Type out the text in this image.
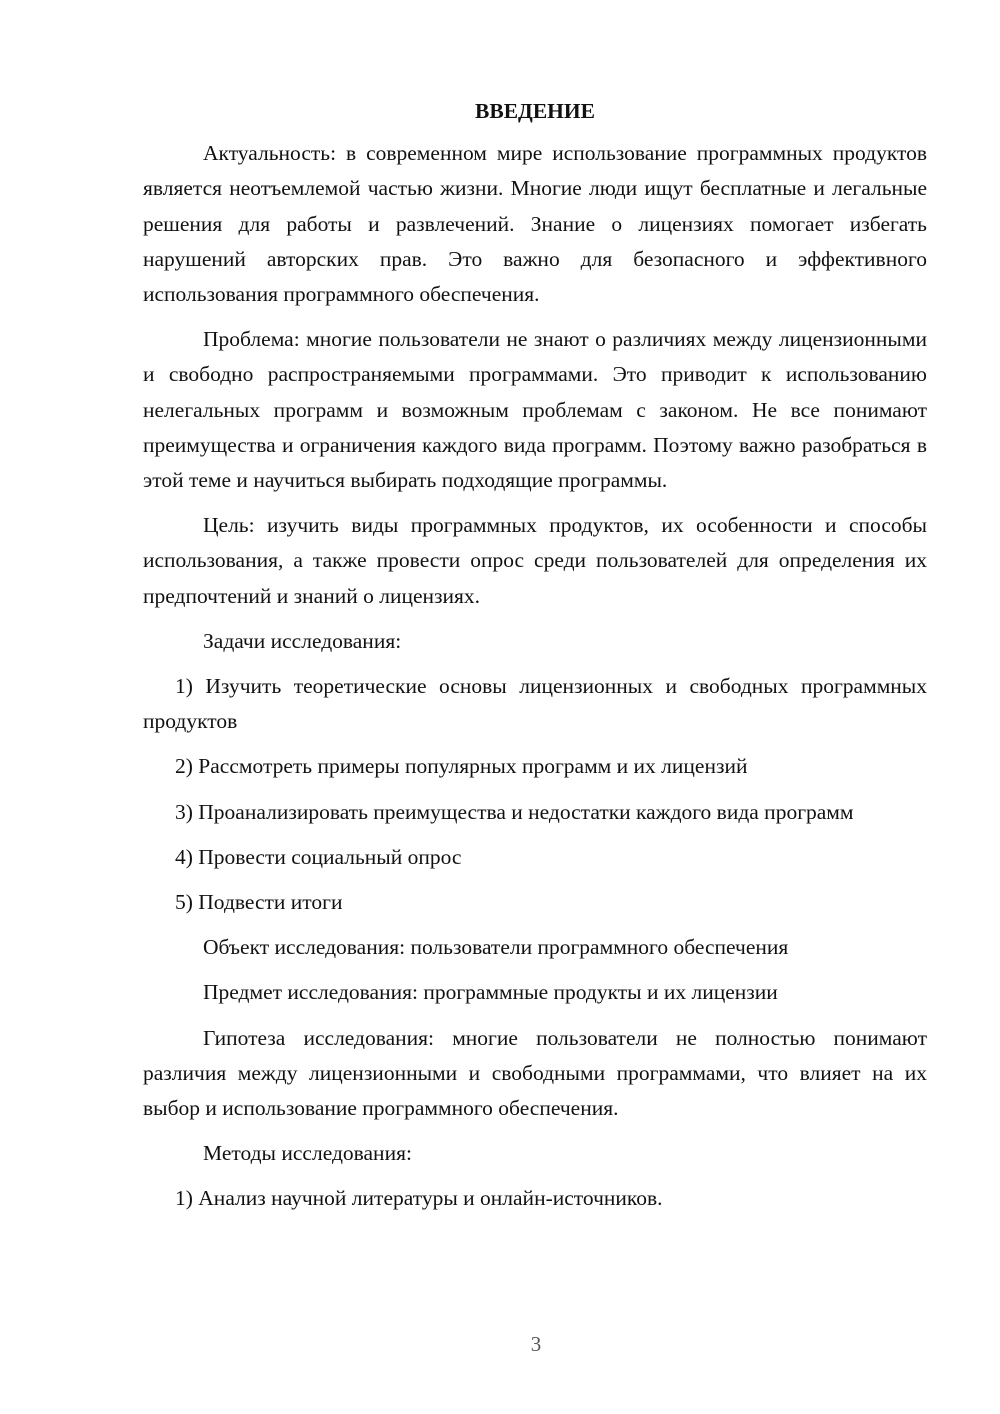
ВВЕДЕНИЕ

Актуальность: в современном мире использование программных продуктов является неотъемлемой частью жизни. Многие люди ищут бесплатные и легальные решения для работы и развлечений. Знание о лицензиях помогает избегать нарушений авторских прав. Это важно для безопасного и эффективного использования программного обеспечения.

Проблема: многие пользователи не знают о различиях между лицензионными и свободно распространяемыми программами. Это приводит к использованию нелегальных программ и возможным проблемам с законом. Не все понимают преимущества и ограничения каждого вида программ. Поэтому важно разобраться в этой теме и научиться выбирать подходящие программы.

Цель: изучить виды программных продуктов, их особенности и способы использования, а также провести опрос среди пользователей для определения их предпочтений и знаний о лицензиях.

Задачи исследования:

1) Изучить теоретические основы лицензионных и свободных программных продуктов

2) Рассмотреть примеры популярных программ и их лицензий

3) Проанализировать преимущества и недостатки каждого вида программ

4) Провести социальный опрос

5) Подвести итоги

Объект исследования: пользователи программного обеспечения

Предмет исследования: программные продукты и их лицензии

Гипотеза исследования: многие пользователи не полностью понимают различия между лицензионными и свободными программами, что влияет на их выбор и использование программного обеспечения.

Методы исследования:

1) Анализ научной литературы и онлайн-источников.

3
